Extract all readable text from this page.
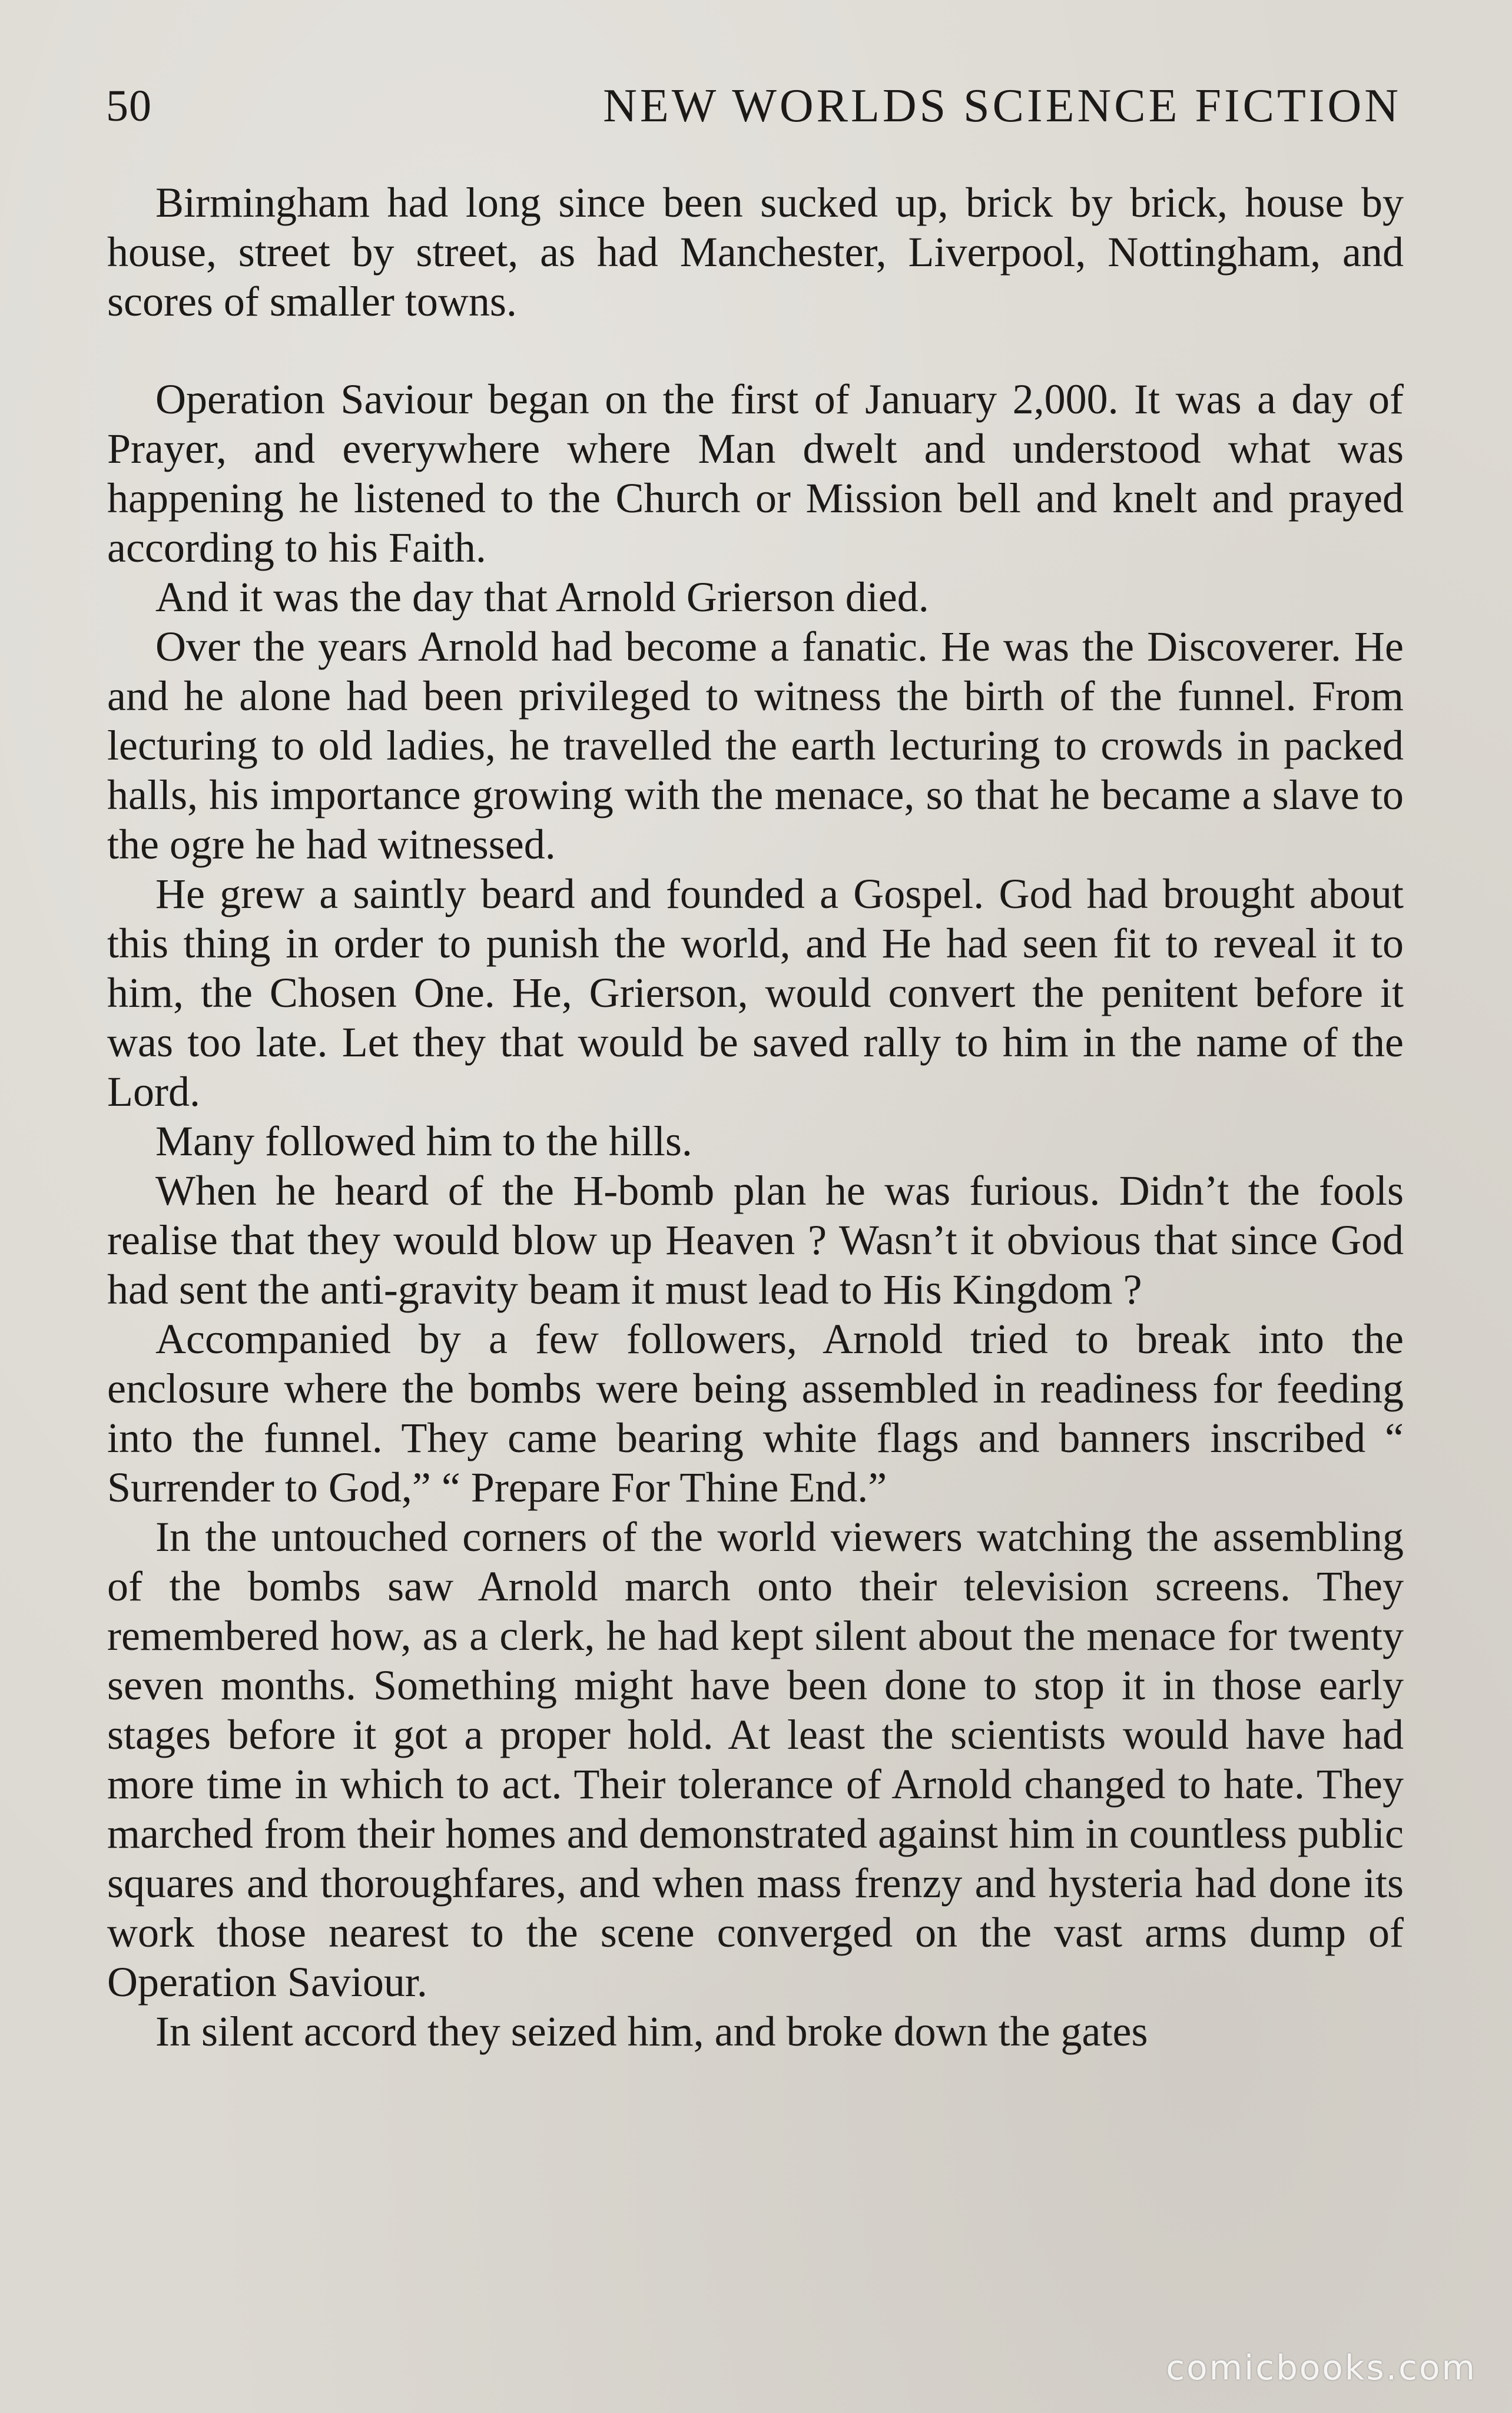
50	NEW WORLDS SCIENCE FICTION

Birmingham had long since been sucked up, brick by brick, house by house, street by street, as had Manchester, Liverpool, Nottingham, and scores of smaller towns.

Operation Saviour began on the first of January 2,000. It was a day of Prayer, and everywhere where Man dwelt and understood what was happening he listened to the Church or Mission bell and knelt and prayed according to his Faith.

And it was the day that Arnold Grierson died.

Over the years Arnold had become a fanatic. He was the Discoverer. He and he alone had been privileged to witness the birth of the funnel. From lecturing to old ladies, he travelled the earth lecturing to crowds in packed halls, his importance growing with the menace, so that he became a slave to the ogre he had witnessed.

He grew a saintly beard and founded a Gospel. God had brought about this thing in order to punish the world, and He had seen fit to reveal it to him, the Chosen One. He, Grierson, would convert the penitent before it was too late. Let they that would be saved rally to him in the name of the Lord.

Many followed him to the hills.

When he heard of the H-bomb plan he was furious. Didn’t the fools realise that they would blow up Heaven ? Wasn’t it obvious that since God had sent the anti-gravity beam it must lead to His Kingdom ?

Accompanied by a few followers, Arnold tried to break into the enclosure where the bombs were being assembled in readiness for feeding into the funnel. They came bearing white flags and banners inscribed “ Surrender to God,” “ Prepare For Thine End.”

In the untouched corners of the world viewers watching the assembling of the bombs saw Arnold march onto their television screens. They remembered how, as a clerk, he had kept silent about the menace for twenty seven months. Something might have been done to stop it in those early stages before it got a proper hold. At least the scientists would have had more time in which to act. Their tolerance of Arnold changed to hate. They marched from their homes and demonstrated against him in countless public squares and thoroughfares, and when mass frenzy and hysteria had done its work those nearest to the scene converged on the vast arms dump of Operation Saviour.

In silent accord they seized him, and broke down the gates

comicbooks.com
